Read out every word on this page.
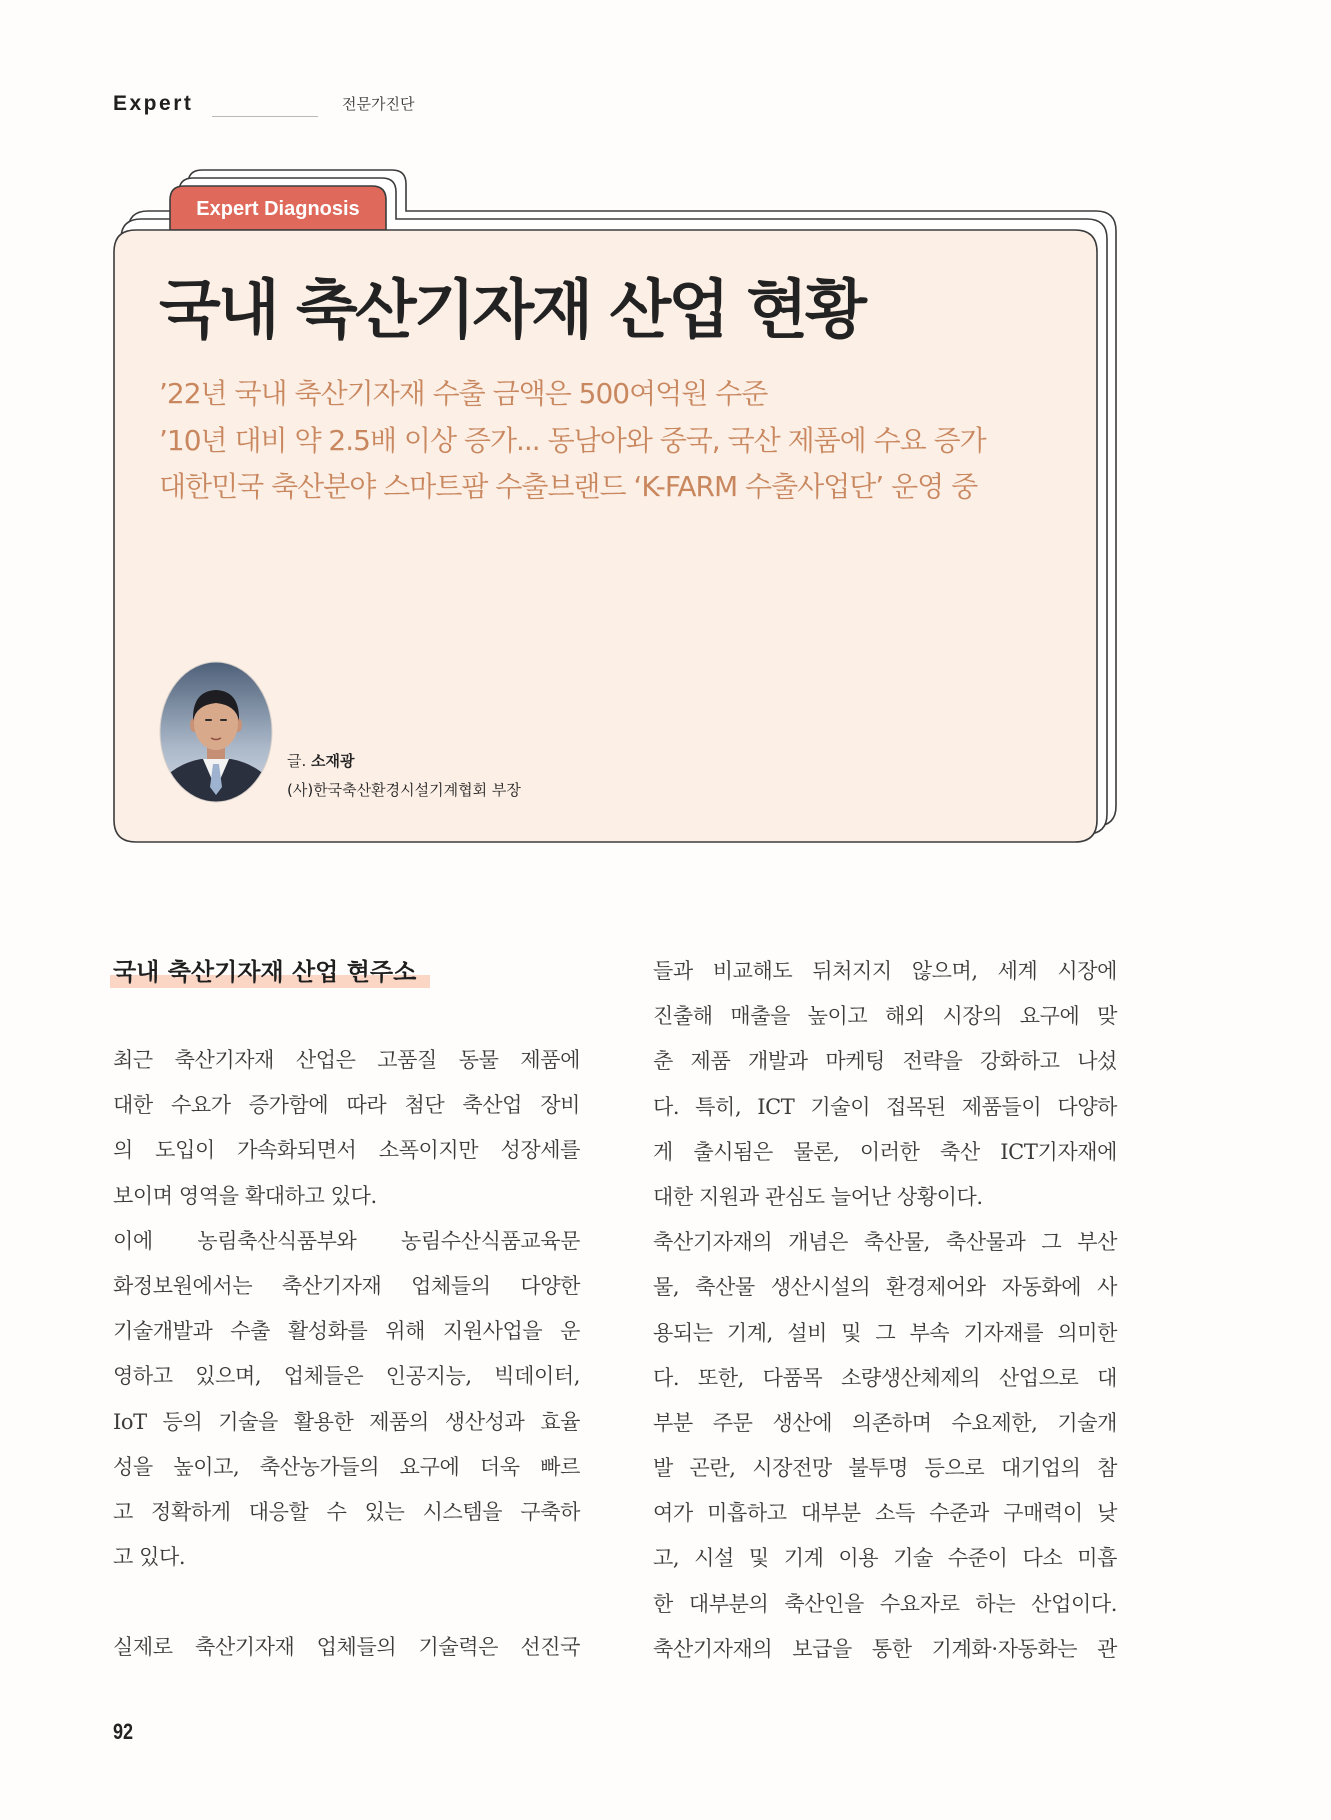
Expert	전문가진단
Expert Diagnosis
국내 축산기자재 산업 현황
’22년 국내 축산기자재 수출 금액은 500여억원 수준
’10년 대비 약 2.5배 이상 증가... 동남아와 중국, 국산 제품에 수요 증가
대한민국 축산분야 스마트팜 수출브랜드 ‘K-FARM 수출사업단’ 운영 중
글. 소재광
(사)한국축산환경시설기계협회 부장
국내 축산기자재 산업 현주소
최근 축산기자재 산업은 고품질 동물 제품에
대한 수요가 증가함에 따라 첨단 축산업 장비
의 도입이 가속화되면서 소폭이지만 성장세를
보이며 영역을 확대하고 있다.
이에 농림축산식품부와 농림수산식품교육문
화정보원에서는 축산기자재 업체들의 다양한
기술개발과 수출 활성화를 위해 지원사업을 운
영하고 있으며, 업체들은 인공지능, 빅데이터,
IoT 등의 기술을 활용한 제품의 생산성과 효율
성을 높이고, 축산농가들의 요구에 더욱 빠르
고 정확하게 대응할 수 있는 시스템을 구축하
고 있다.
실제로 축산기자재 업체들의 기술력은 선진국
들과 비교해도 뒤처지지 않으며, 세계 시장에
진출해 매출을 높이고 해외 시장의 요구에 맞
춘 제품 개발과 마케팅 전략을 강화하고 나섰
다. 특히, ICT 기술이 접목된 제품들이 다양하
게 출시됨은 물론, 이러한 축산 ICT기자재에
대한 지원과 관심도 늘어난 상황이다.
축산기자재의 개념은 축산물, 축산물과 그 부산
물, 축산물 생산시설의 환경제어와 자동화에 사
용되는 기계, 설비 및 그 부속 기자재를 의미한
다. 또한, 다품목 소량생산체제의 산업으로 대
부분 주문 생산에 의존하며 수요제한, 기술개
발 곤란, 시장전망 불투명 등으로 대기업의 참
여가 미흡하고 대부분 소득 수준과 구매력이 낮
고, 시설 및 기계 이용 기술 수준이 다소 미흡
한 대부분의 축산인을 수요자로 하는 산업이다.
축산기자재의 보급을 통한 기계화·자동화는 관
92
